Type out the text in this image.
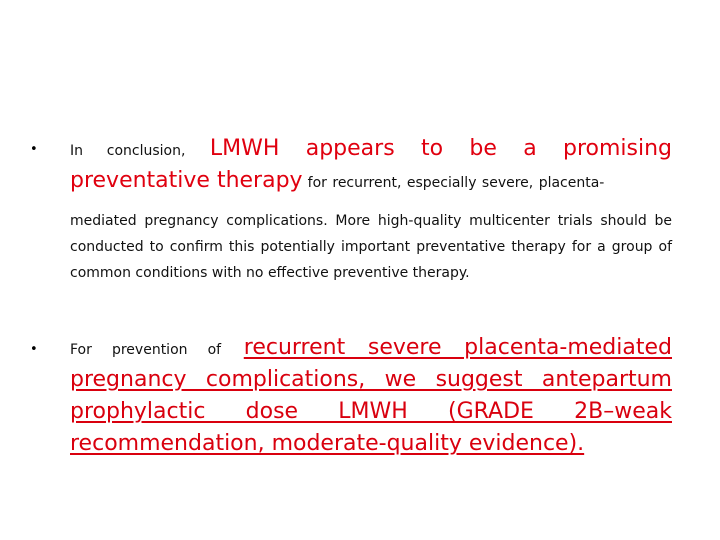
• In conclusion, LMWH appears to be a promising
preventative therapy for recurrent, especially severe, placenta-
mediated pregnancy complications. More high-quality multicenter trials should be conducted to confirm this potentially important preventative therapy for a group of common conditions with no effective preventive therapy.
• For prevention of recurrent severe placenta-mediated
pregnancy complications, we suggest antepartum
prophylactic dose LMWH (GRADE 2B–weak
recommendation, moderate-quality evidence).
